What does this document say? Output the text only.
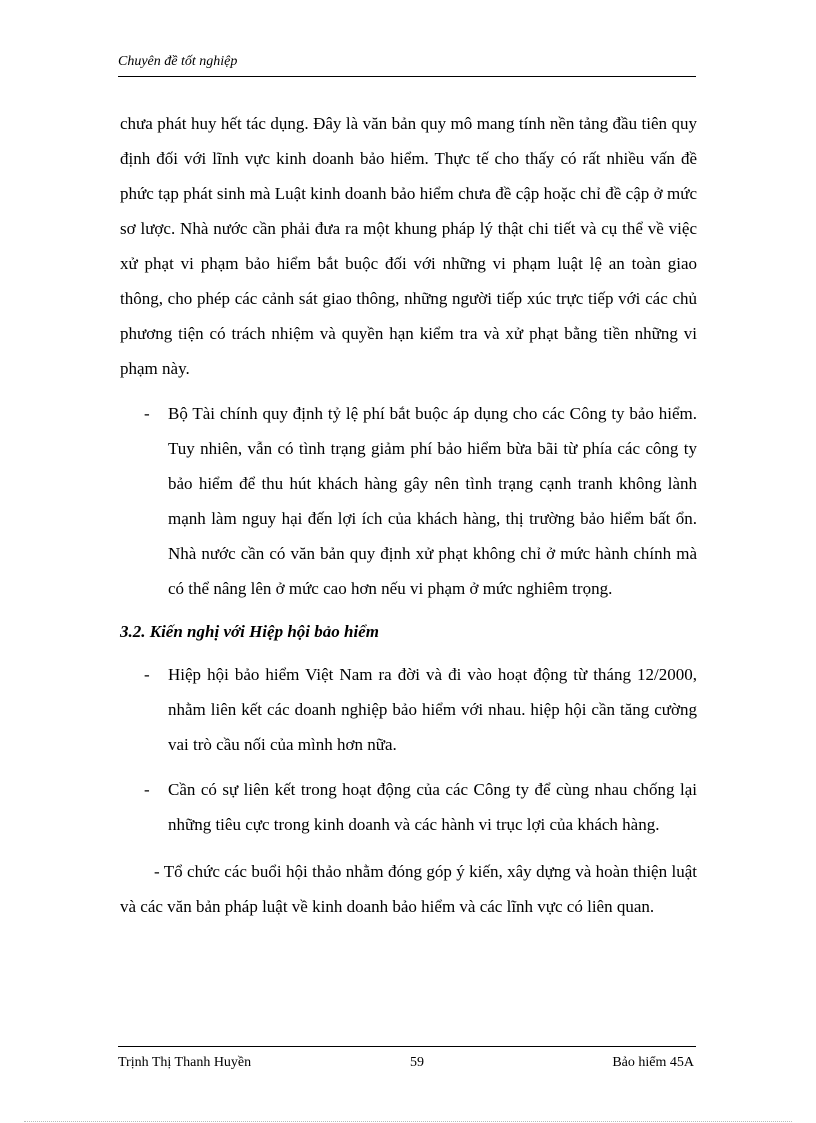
Chuyên đề tốt nghiệp

chưa phát huy hết tác dụng. Đây là văn bản quy mô mang tính nền tảng đầu tiên quy định đối với lĩnh vực kinh doanh bảo hiểm. Thực tế cho thấy có rất nhiều vấn đề phức tạp phát sinh mà Luật kinh doanh bảo hiểm chưa đề cập hoặc chỉ đề cập ở mức sơ lược. Nhà nước cần phải đưa ra một khung pháp lý thật chi tiết và cụ thể về việc xử phạt vi phạm bảo hiểm bắt buộc đối với những vi phạm luật lệ an toàn giao thông, cho phép các cảnh sát giao thông, những người tiếp xúc trực tiếp với các chủ phương tiện có trách nhiệm và quyền hạn kiểm tra và xử phạt bằng tiền những vi phạm này.

- Bộ Tài chính quy định tỷ lệ phí bắt buộc áp dụng cho các Công ty bảo hiểm. Tuy nhiên, vẫn có tình trạng giảm phí bảo hiểm bừa bãi từ phía các công ty bảo hiểm để thu hút khách hàng gây nên tình trạng cạnh tranh không lành mạnh làm nguy hại đến lợi ích của khách hàng, thị trường bảo hiểm bất ổn. Nhà nước cần có văn bản quy định xử phạt không chỉ ở mức hành chính mà có thể nâng lên ở mức cao hơn nếu vi phạm ở mức nghiêm trọng.

3.2. Kiến nghị với Hiệp hội bảo hiểm

- Hiệp hội bảo hiểm Việt Nam ra đời và đi vào hoạt động từ tháng 12/2000, nhằm liên kết các doanh nghiệp bảo hiểm với nhau. hiệp hội cần tăng cường vai trò cầu nối của mình hơn nữa.

- Cần có sự liên kết trong hoạt động của các Công ty để cùng nhau chống lại những tiêu cực trong kinh doanh và các hành vi trục lợi của khách hàng.

- Tổ chức các buổi hội thảo nhằm đóng góp ý kiến, xây dựng và hoàn thiện luật và các văn bản pháp luật về kinh doanh bảo hiểm và các lĩnh vực có liên quan.

Trịnh Thị Thanh Huyền	59	Bảo hiểm 45A
